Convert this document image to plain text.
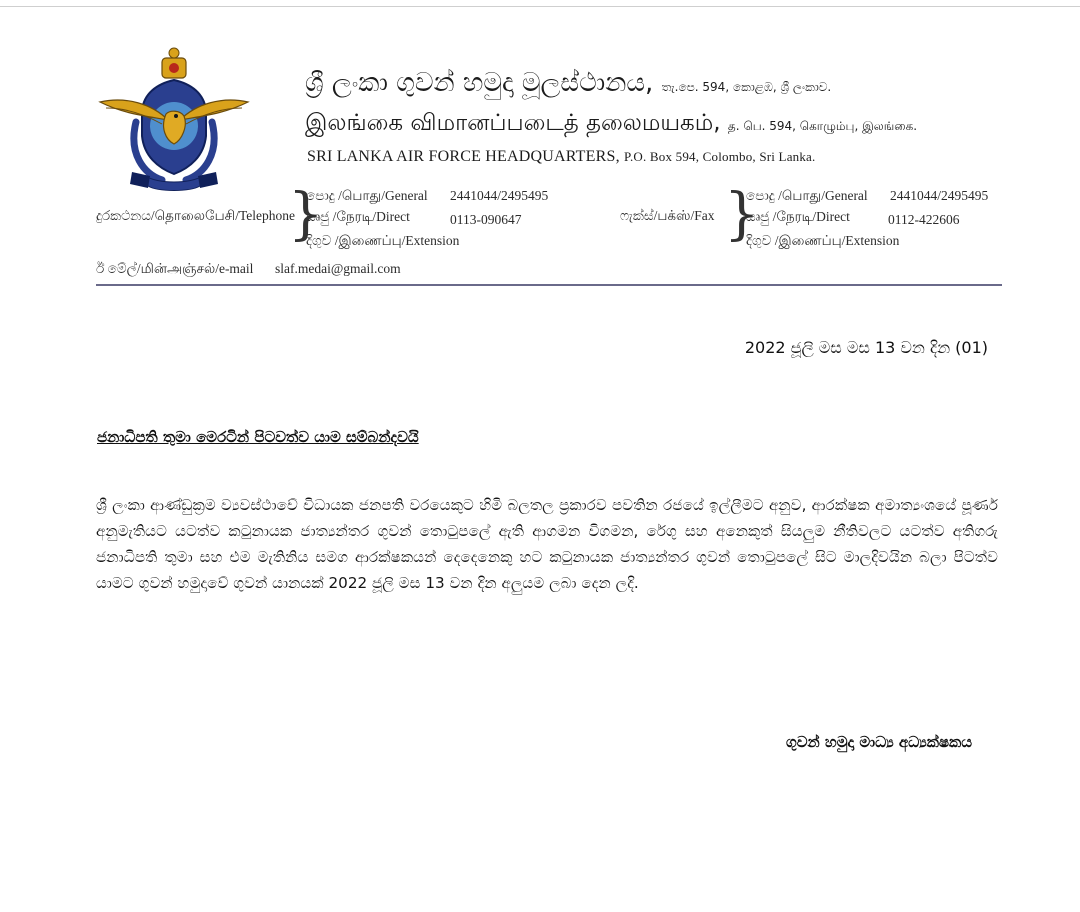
ශ්‍රී ලංකා ගුවන් හමුදා මූලස්ථානය, තැ.පෙ. 594, කොළඹ, ශ්‍රී ලංකාව.
இலங்கை விமானப்படைத் தலைமயகம், த. பெ. 594, கொழும்பு, இலங்கை.
SRI LANKA AIR FORCE HEADQUARTERS, P.O. Box 594, Colombo, Sri Lanka.
දුරකථනය/தொலைபேசி/Telephone
}
පොදු /பொது/General 2441044/2495495
සෘජු /நேரடி/Direct	0113-090647
දිගුව /இணைப்பு/Extension
ෆැක්ස්/பக்ஸ்/Fax }
පොදු /பொது/General 2441044/2495495
සෘජු /நேரடி/Direct	0112-422606
දිගුව /இணைப்பு/Extension
ඊ මේල්/மின்அஞ்சல்/e-mail slaf.medai@gmail.com
2022 ජූලි මස මස 13 වන දින (01)
ජනාධිපති තුමා මෙරටින් පිටවත්ව යාම සම්බන්දවයි
ශ්‍රී ලංකා ආණ්ඩුක්‍රම ව්‍යවස්ථාවේ විධායක ජනපති වරයෙකුට හිමි බලතල ප්‍රකාරව පවතින රජයේ ඉල්ලීමට අනුව, ආරක්ෂක අමාත්‍යංශයේ පූර්ණ අනුමැතියට යටත්ව කටුනායක ජාත්‍යන්තර ගුවන් තොටුපලේ ඇති ආගමන විගමන, රේගු සහ අනෙකුත් සියලුම නීතිවලට යටත්ව අතිගරු ජනාධිපති තුමා සහ එම මැතිනිය සමග ආරක්ෂකයන් දෙදෙනෙකු හට කටුනායක ජාත්‍යන්තර ගුවන් තොටුපලේ සිට මාලදිවයින බලා පිටත්ව යාමට ගුවන් හමුදාවේ ගුවන් යානයක් 2022 ජූලි මස 13 වන දින අලුයම ලබා දෙන ලදි.
ගුවන් හමුදා මාධ්‍ය අධ්‍යක්ෂකය
